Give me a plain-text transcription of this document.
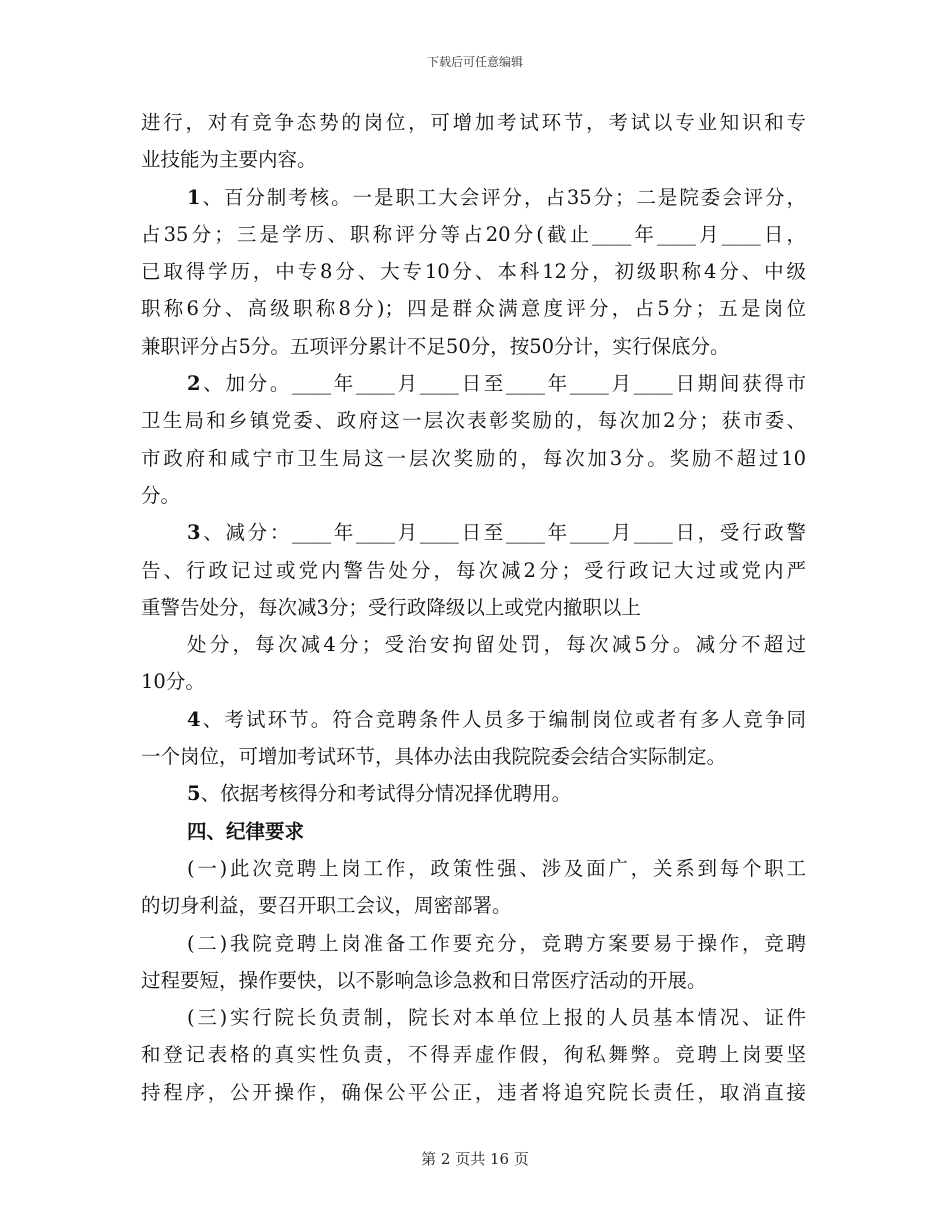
下载后可任意编辑
进行，对有竞争态势的岗位，可增加考试环节，考试以专业知识和专
业技能为主要内容。
1、百分制考核。一是职工大会评分，占35分；二是院委会评分，
占35分；三是学历、职称评分等占20分(截止____年____月____日，
已取得学历，中专8分、大专10分、本科12分，初级职称4分、中级
职称6分、高级职称8分)；四是群众满意度评分，占5分；五是岗位
兼职评分占5分。五项评分累计不足50分，按50分计，实行保底分。
2、加分。____年____月____日至____年____月____日期间获得市
卫生局和乡镇党委、政府这一层次表彰奖励的，每次加2分；获市委、
市政府和咸宁市卫生局这一层次奖励的，每次加3分。奖励不超过10
分。
3、减分：____年____月____日至____年____月____日，受行政警
告、行政记过或党内警告处分，每次减2分；受行政记大过或党内严
重警告处分，每次减3分；受行政降级以上或党内撤职以上
处分，每次减4分；受治安拘留处罚，每次减5分。减分不超过
10分。
4、考试环节。符合竞聘条件人员多于编制岗位或者有多人竞争同
一个岗位，可增加考试环节，具体办法由我院院委会结合实际制定。
5、依据考核得分和考试得分情况择优聘用。
四、纪律要求
(一)此次竞聘上岗工作，政策性强、涉及面广，关系到每个职工
的切身利益，要召开职工会议，周密部署。
(二)我院竞聘上岗准备工作要充分，竞聘方案要易于操作，竞聘
过程要短，操作要快，以不影响急诊急救和日常医疗活动的开展。
(三)实行院长负责制，院长对本单位上报的人员基本情况、证件
和登记表格的真实性负责，不得弄虚作假，徇私舞弊。竞聘上岗要坚
持程序，公开操作，确保公平公正，违者将追究院长责任，取消直接
第 2 页共 16 页
